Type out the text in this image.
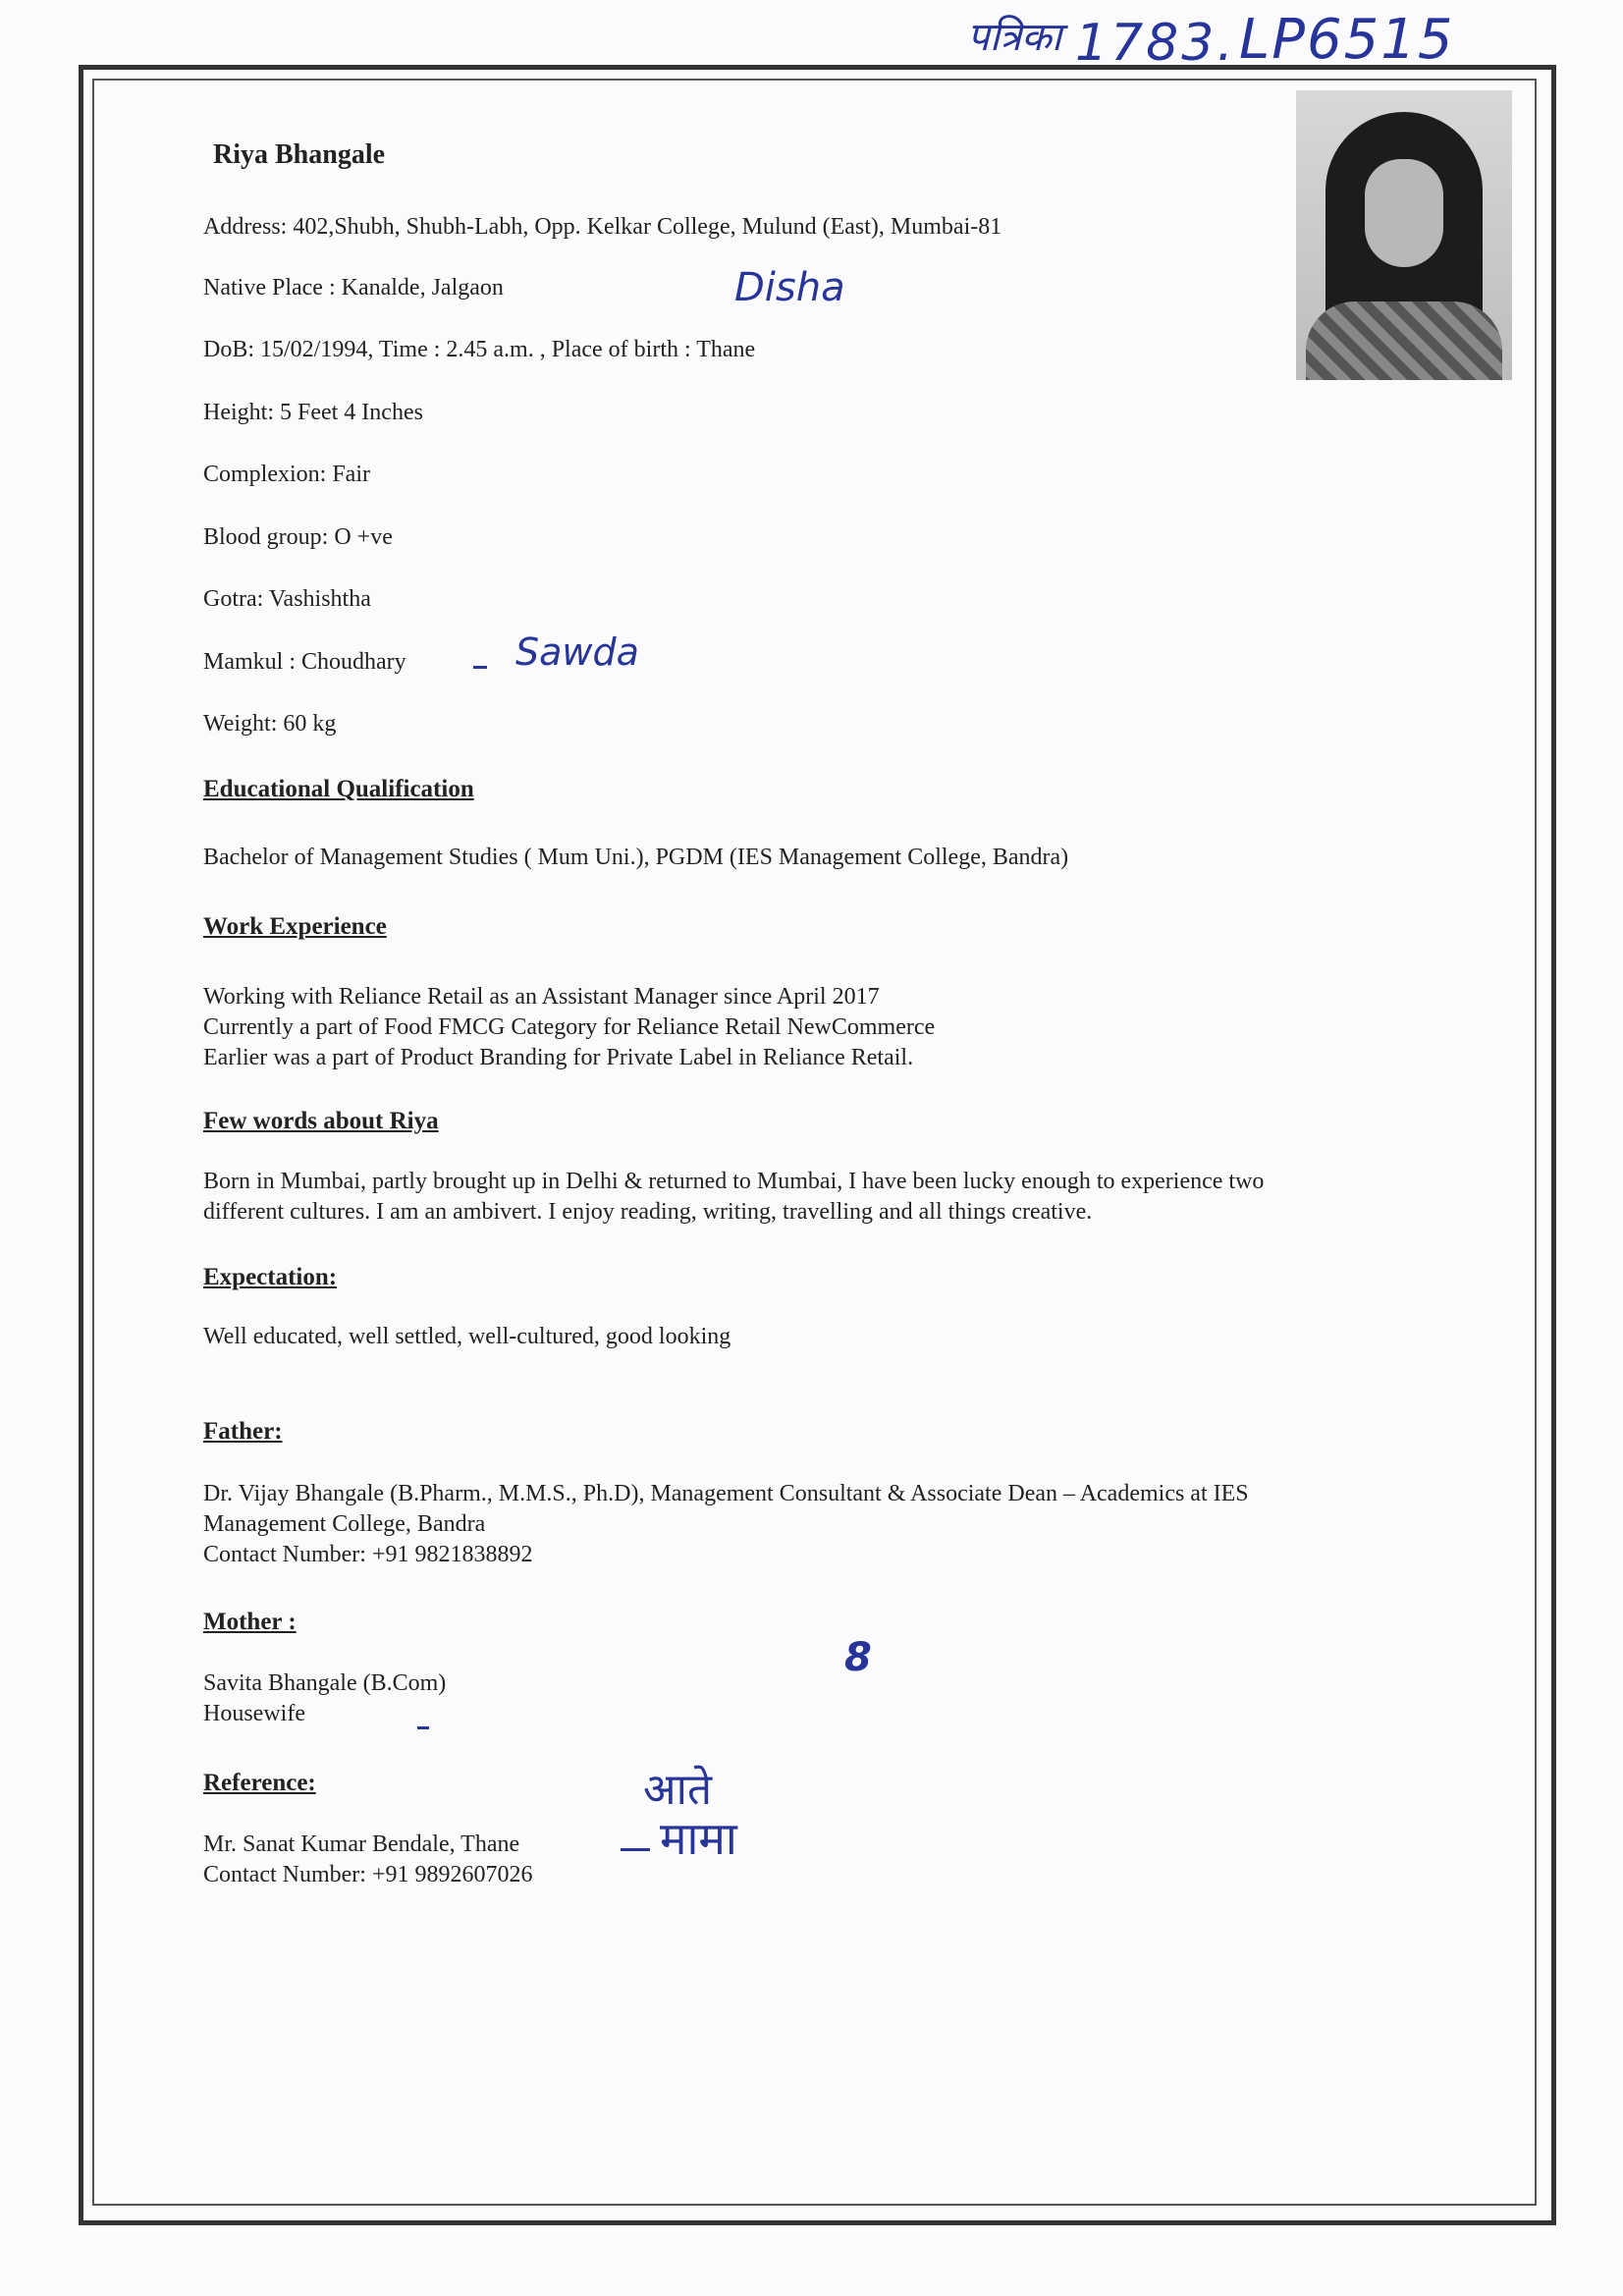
पत्रिका 1783. LP6515
Riya Bhangale
Address: 402,Shubh, Shubh-Labh, Opp. Kelkar College, Mulund (East), Mumbai-81
Native Place : Kanalde, Jalgaon	Disha
DoB: 15/02/1994, Time : 2.45 a.m. , Place of birth : Thane
Height: 5 Feet 4 Inches
Complexion: Fair
Blood group: O +ve
Gotra: Vashishtha
Mamkul : Choudhary	Sawda
Weight: 60 kg
Educational Qualification
Bachelor of Management Studies ( Mum Uni.), PGDM (IES Management College, Bandra)
Work Experience
Working with Reliance Retail as an Assistant Manager since April 2017
Currently a part of Food FMCG Category for Reliance Retail NewCommerce
Earlier was a part of Product Branding for Private Label in Reliance Retail.
Few words about Riya
Born in Mumbai, partly brought up in Delhi & returned to Mumbai, I have been lucky enough to experience two
different cultures. I am an ambivert. I enjoy reading, writing, travelling and all things creative.
Expectation:
Well educated, well settled, well-cultured, good looking
Father:
Dr. Vijay Bhangale (B.Pharm., M.M.S., Ph.D), Management Consultant & Associate Dean – Academics at IES
Management College, Bandra
Contact Number: +91 9821838892
Mother :
8
Savita Bhangale (B.Com)
Housewife
Reference:	आते
मामा
Mr. Sanat Kumar Bendale, Thane
Contact Number: +91 9892607026
